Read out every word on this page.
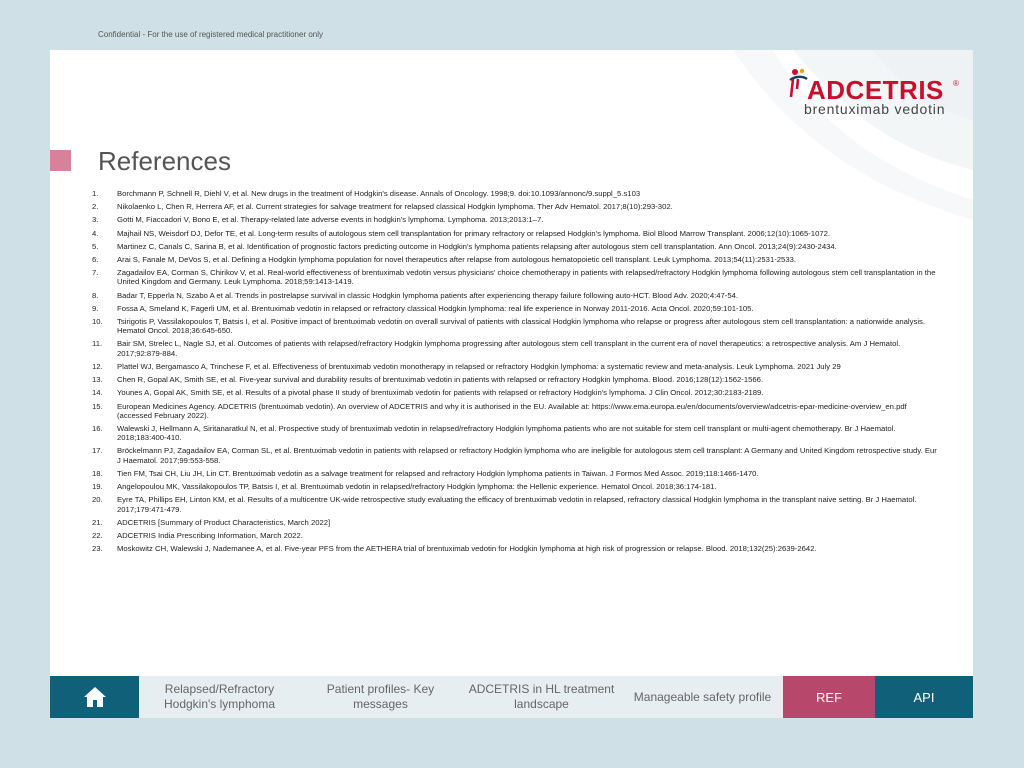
Confidential - For the use of registered medical practitioner only
ADCETRIS ®
brentuximab vedotin
References
1.	Borchmann P, Schnell R, Diehl V, et al. New drugs in the treatment of Hodgkin's disease. Annals of Oncology. 1998;9. doi:10.1093/annonc/9.suppl_5.s103
2.	Nikolaenko L, Chen R, Herrera AF, et al. Current strategies for salvage treatment for relapsed classical Hodgkin lymphoma. Ther Adv Hematol. 2017;8(10):293-302.
3.	Gotti M, Fiaccadori V, Bono E, et al. Therapy-related late adverse events in hodgkin's lymphoma. Lymphoma. 2013;2013:1–7.
4.	Majhail NS, Weisdorf DJ, Defor TE, et al. Long-term results of autologous stem cell transplantation for primary refractory or relapsed Hodgkin's lymphoma. Biol Blood Marrow Transplant. 2006;12(10):1065-1072.
5.	Martinez C, Canals C, Sarina B, et al. Identification of prognostic factors predicting outcome in Hodgkin's lymphoma patients relapsing after autologous stem cell transplantation. Ann Oncol. 2013;24(9):2430-2434.
6.	Arai S, Fanale M, DeVos S, et al. Defining a Hodgkin lymphoma population for novel therapeutics after relapse from autologous hematopoietic cell transplant. Leuk Lymphoma. 2013;54(11):2531-2533.
7.	Zagadailov EA, Corman S, Chirikov V, et al. Real-world effectiveness of brentuximab vedotin versus physicians' choice chemotherapy in patients with relapsed/refractory Hodgkin lymphoma following autologous stem cell transplantation in the United Kingdom and Germany. Leuk Lymphoma. 2018;59:1413-1419.
8.	Badar T, Epperla N, Szabo A et al. Trends in postrelapse survival in classic Hodgkin lymphoma patients after experiencing therapy failure following auto-HCT. Blood Adv. 2020;4:47-54.
9.	Fossa A, Smeland K, Fagerli UM, et al. Brentuximab vedotin in relapsed or refractory classical Hodgkin lymphoma: real life experience in Norway 2011-2016. Acta Oncol. 2020;59:101-105.
10.	Tsirigotis P, Vassilakopoulos T, Batsis I, et al. Positive impact of brentuximab vedotin on overall survival of patients with classical Hodgkin lymphoma who relapse or progress after autologous stem cell transplantation: a nationwide analysis. Hematol Oncol. 2018;36:645-650.
11.	Bair SM, Strelec L, Nagle SJ, et al. Outcomes of patients with relapsed/refractory Hodgkin lymphoma progressing after autologous stem cell transplant in the current era of novel therapeutics: a retrospective analysis. Am J Hematol. 2017;92:879-884.
12.	Plattel WJ, Bergamasco A, Trinchese F, et al. Effectiveness of brentuximab vedotin monotherapy in relapsed or refractory Hodgkin lymphoma: a systematic review and meta-analysis. Leuk Lymphoma. 2021 July 29
13.	Chen R, Gopal AK, Smith SE, et al. Five-year survival and durability results of brentuximab vedotin in patients with relapsed or refractory Hodgkin lymphoma. Blood. 2016;128(12):1562-1566.
14.	Younes A, Gopal AK, Smith SE, et al. Results of a pivotal phase II study of brentuximab vedotin for patients with relapsed or refractory Hodgkin's lymphoma. J Clin Oncol. 2012;30:2183-2189.
15.	European Medicines Agency. ADCETRIS (brentuximab vedotin). An overview of ADCETRIS and why it is authorised in the EU. Available at: https://www.ema.europa.eu/en/documents/overview/adcetris-epar-medicine-overview_en.pdf (accessed February 2022).
16.	Walewski J, Hellmann A, Siritanaratkul N, et al. Prospective study of brentuximab vedotin in relapsed/refractory Hodgkin lymphoma patients who are not suitable for stem cell transplant or multi-agent chemotherapy. Br J Haematol. 2018;183:400-410.
17.	Bröckelmann PJ, Zagadailov EA, Corman SL, et al. Brentuximab vedotin in patients with relapsed or refractory Hodgkin lymphoma who are ineligible for autologous stem cell transplant: A Germany and United Kingdom retrospective study. Eur J Haematol. 2017;99:553-558.
18.	Tien FM, Tsai CH, Liu JH, Lin CT. Brentuximab vedotin as a salvage treatment for relapsed and refractory Hodgkin lymphoma patients in Taiwan. J Formos Med Assoc. 2019;118:1466-1470.
19.	Angelopoulou MK, Vassilakopoulos TP, Batsis I, et al. Brentuximab vedotin in relapsed/refractory Hodgkin lymphoma: the Hellenic experience. Hematol Oncol. 2018;36:174-181.
20.	Eyre TA, Phillips EH, Linton KM, et al. Results of a multicentre UK-wide retrospective study evaluating the efficacy of brentuximab vedotin in relapsed, refractory classical Hodgkin lymphoma in the transplant naive setting. Br J Haematol. 2017;179:471-479.
21.	ADCETRIS [Summary of Product Characteristics, March 2022]
22.	ADCETRIS India Prescribing Information, March 2022.
23.	Moskowitz CH, Walewski J, Nademanee A, et al. Five-year PFS from the AETHERA trial of brentuximab vedotin for Hodgkin lymphoma at high risk of progression or relapse. Blood. 2018;132(25):2639-2642.
Relapsed/Refractory Hodgkin's lymphoma
Patient profiles- Key messages
ADCETRIS in HL treatment landscape
Manageable safety profile	REF	API
